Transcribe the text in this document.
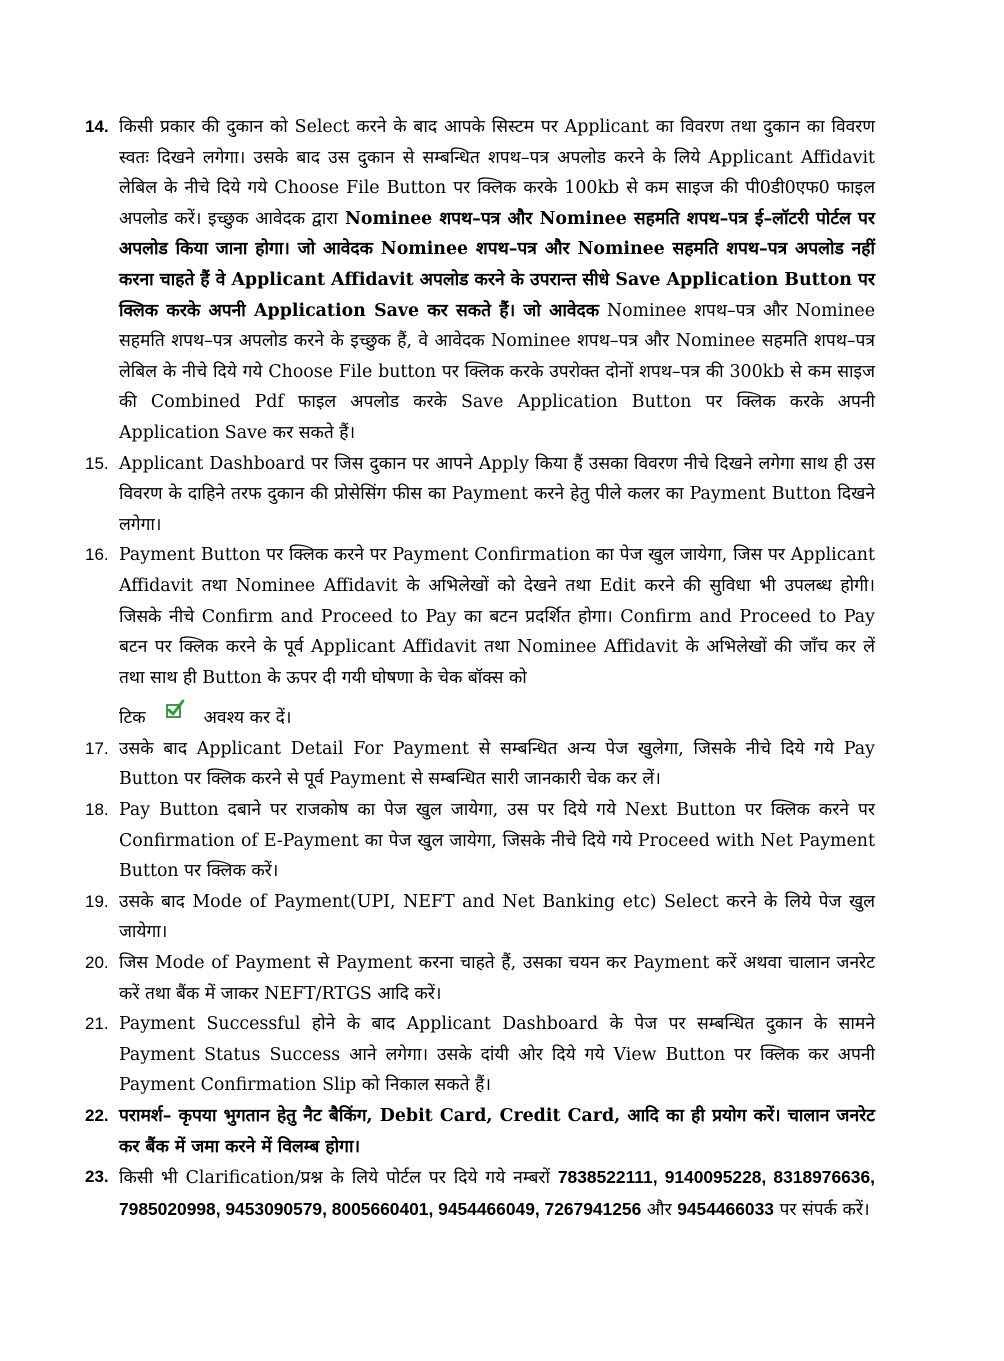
14. किसी प्रकार की दुकान को Select करने के बाद आपके सिस्टम पर Applicant का विवरण तथा दुकान का विवरण स्वतः दिखने लगेगा। उसके बाद उस दुकान से सम्बन्धित शपथ–पत्र अपलोड करने के लिये Applicant Affidavit लेबिल के नीचे दिये गये Choose File Button पर क्लिक करके 100kb से कम साइज की पी0डी0एफ0 फाइल अपलोड करें। इच्छुक आवेदक द्वारा Nominee शपथ–पत्र और Nominee सहमति शपथ–पत्र ई–लॉटरी पोर्टल पर अपलोड किया जाना होगा। जो आवेदक Nominee शपथ–पत्र और Nominee सहमति शपथ–पत्र अपलोड नहीं करना चाहते हैं वे Applicant Affidavit अपलोड करने के उपरान्त सीधे Save Application Button पर क्लिक करके अपनी Application Save कर सकते हैं। जो आवेदक Nominee शपथ–पत्र और Nominee सहमति शपथ–पत्र अपलोड करने के इच्छुक हैं, वे आवेदक Nominee शपथ–पत्र और Nominee सहमति शपथ–पत्र लेबिल के नीचे दिये गये Choose File button पर क्लिक करके उपरोक्त दोनों शपथ–पत्र की 300kb से कम साइज की Combined Pdf फाइल अपलोड करके Save Application Button पर क्लिक करके अपनी Application Save कर सकते हैं।
15. Applicant Dashboard पर जिस दुकान पर आपने Apply किया हैं उसका विवरण नीचे दिखने लगेगा साथ ही उस विवरण के दाहिने तरफ दुकान की प्रोसेसिंग फीस का Payment करने हेतु पीले कलर का Payment Button दिखने लगेगा।
16. Payment Button पर क्लिक करने पर Payment Confirmation का पेज खुल जायेगा, जिस पर Applicant Affidavit तथा Nominee Affidavit के अभिलेखों को देखने तथा Edit करने की सुविधा भी उपलब्ध होगी। जिसके नीचे Confirm and Proceed to Pay का बटन प्रदर्शित होगा। Confirm and Proceed to Pay बटन पर क्लिक करने के पूर्व Applicant Affidavit तथा Nominee Affidavit के अभिलेखों की जाँच कर लें तथा साथ ही Button के ऊपर दी गयी घोषणा के चेक बॉक्स को
टिक	अवश्य कर दें।
17. उसके बाद Applicant Detail For Payment से सम्बन्धित अन्य पेज खुलेगा, जिसके नीचे दिये गये Pay Button पर क्लिक करने से पूर्व Payment से सम्बन्धित सारी जानकारी चेक कर लें।
18. Pay Button दबाने पर राजकोष का पेज खुल जायेगा, उस पर दिये गये Next Button पर क्लिक करने पर Confirmation of E-Payment का पेज खुल जायेगा, जिसके नीचे दिये गये Proceed with Net Payment Button पर क्लिक करें।
19. उसके बाद Mode of Payment(UPI, NEFT and Net Banking etc) Select करने के लिये पेज खुल जायेगा।
20. जिस Mode of Payment से Payment करना चाहते हैं, उसका चयन कर Payment करें अथवा चालान जनरेट करें तथा बैंक में जाकर NEFT/RTGS आदि करें।
21. Payment Successful होने के बाद Applicant Dashboard के पेज पर सम्बन्धित दुकान के सामने Payment Status Success आने लगेगा। उसके दांयी ओर दिये गये View Button पर क्लिक कर अपनी Payment Confirmation Slip को निकाल सकते हैं।
22. परामर्श– कृपया भुगतान हेतु नैट बैकिंग, Debit Card, Credit Card, आदि का ही प्रयोग करें। चालान जनरेट कर बैंक में जमा करने में विलम्ब होगा।
23. किसी भी Clarification/प्रश्न के लिये पोर्टल पर दिये गये नम्बरों 7838522111, 9140095228, 8318976636, 7985020998, 9453090579, 8005660401, 9454466049, 7267941256 और 9454466033 पर संपर्क करें।
